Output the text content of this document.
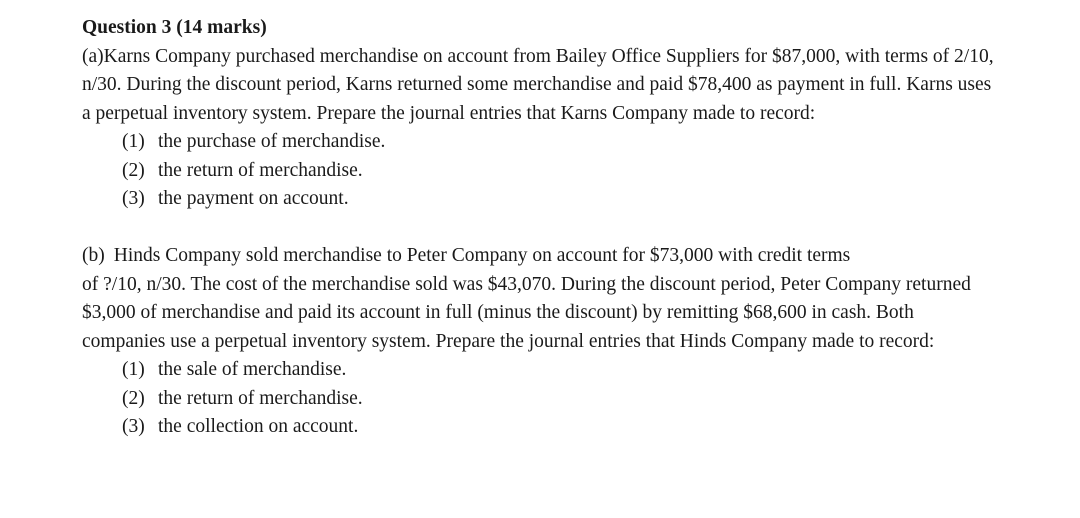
Question 3 (14 marks)

(a)Karns Company purchased merchandise on account from Bailey Office Suppliers for $87,000, with terms of 2/10, n/30. During the discount period, Karns returned some merchandise and paid $78,400 as payment in full. Karns uses a perpetual inventory system. Prepare the journal entries that Karns Company made to record:

(1) the purchase of merchandise.
(2) the return of merchandise.
(3) the payment on account.

(b) Hinds Company sold merchandise to Peter Company on account for $73,000 with credit terms

of ?/10, n/30. The cost of the merchandise sold was $43,070. During the discount period, Peter Company returned $3,000 of merchandise and paid its account in full (minus the discount) by remitting $68,600 in cash. Both companies use a perpetual inventory system. Prepare the journal entries that Hinds Company made to record:

(1) the sale of merchandise.
(2) the return of merchandise.
(3) the collection on account.
